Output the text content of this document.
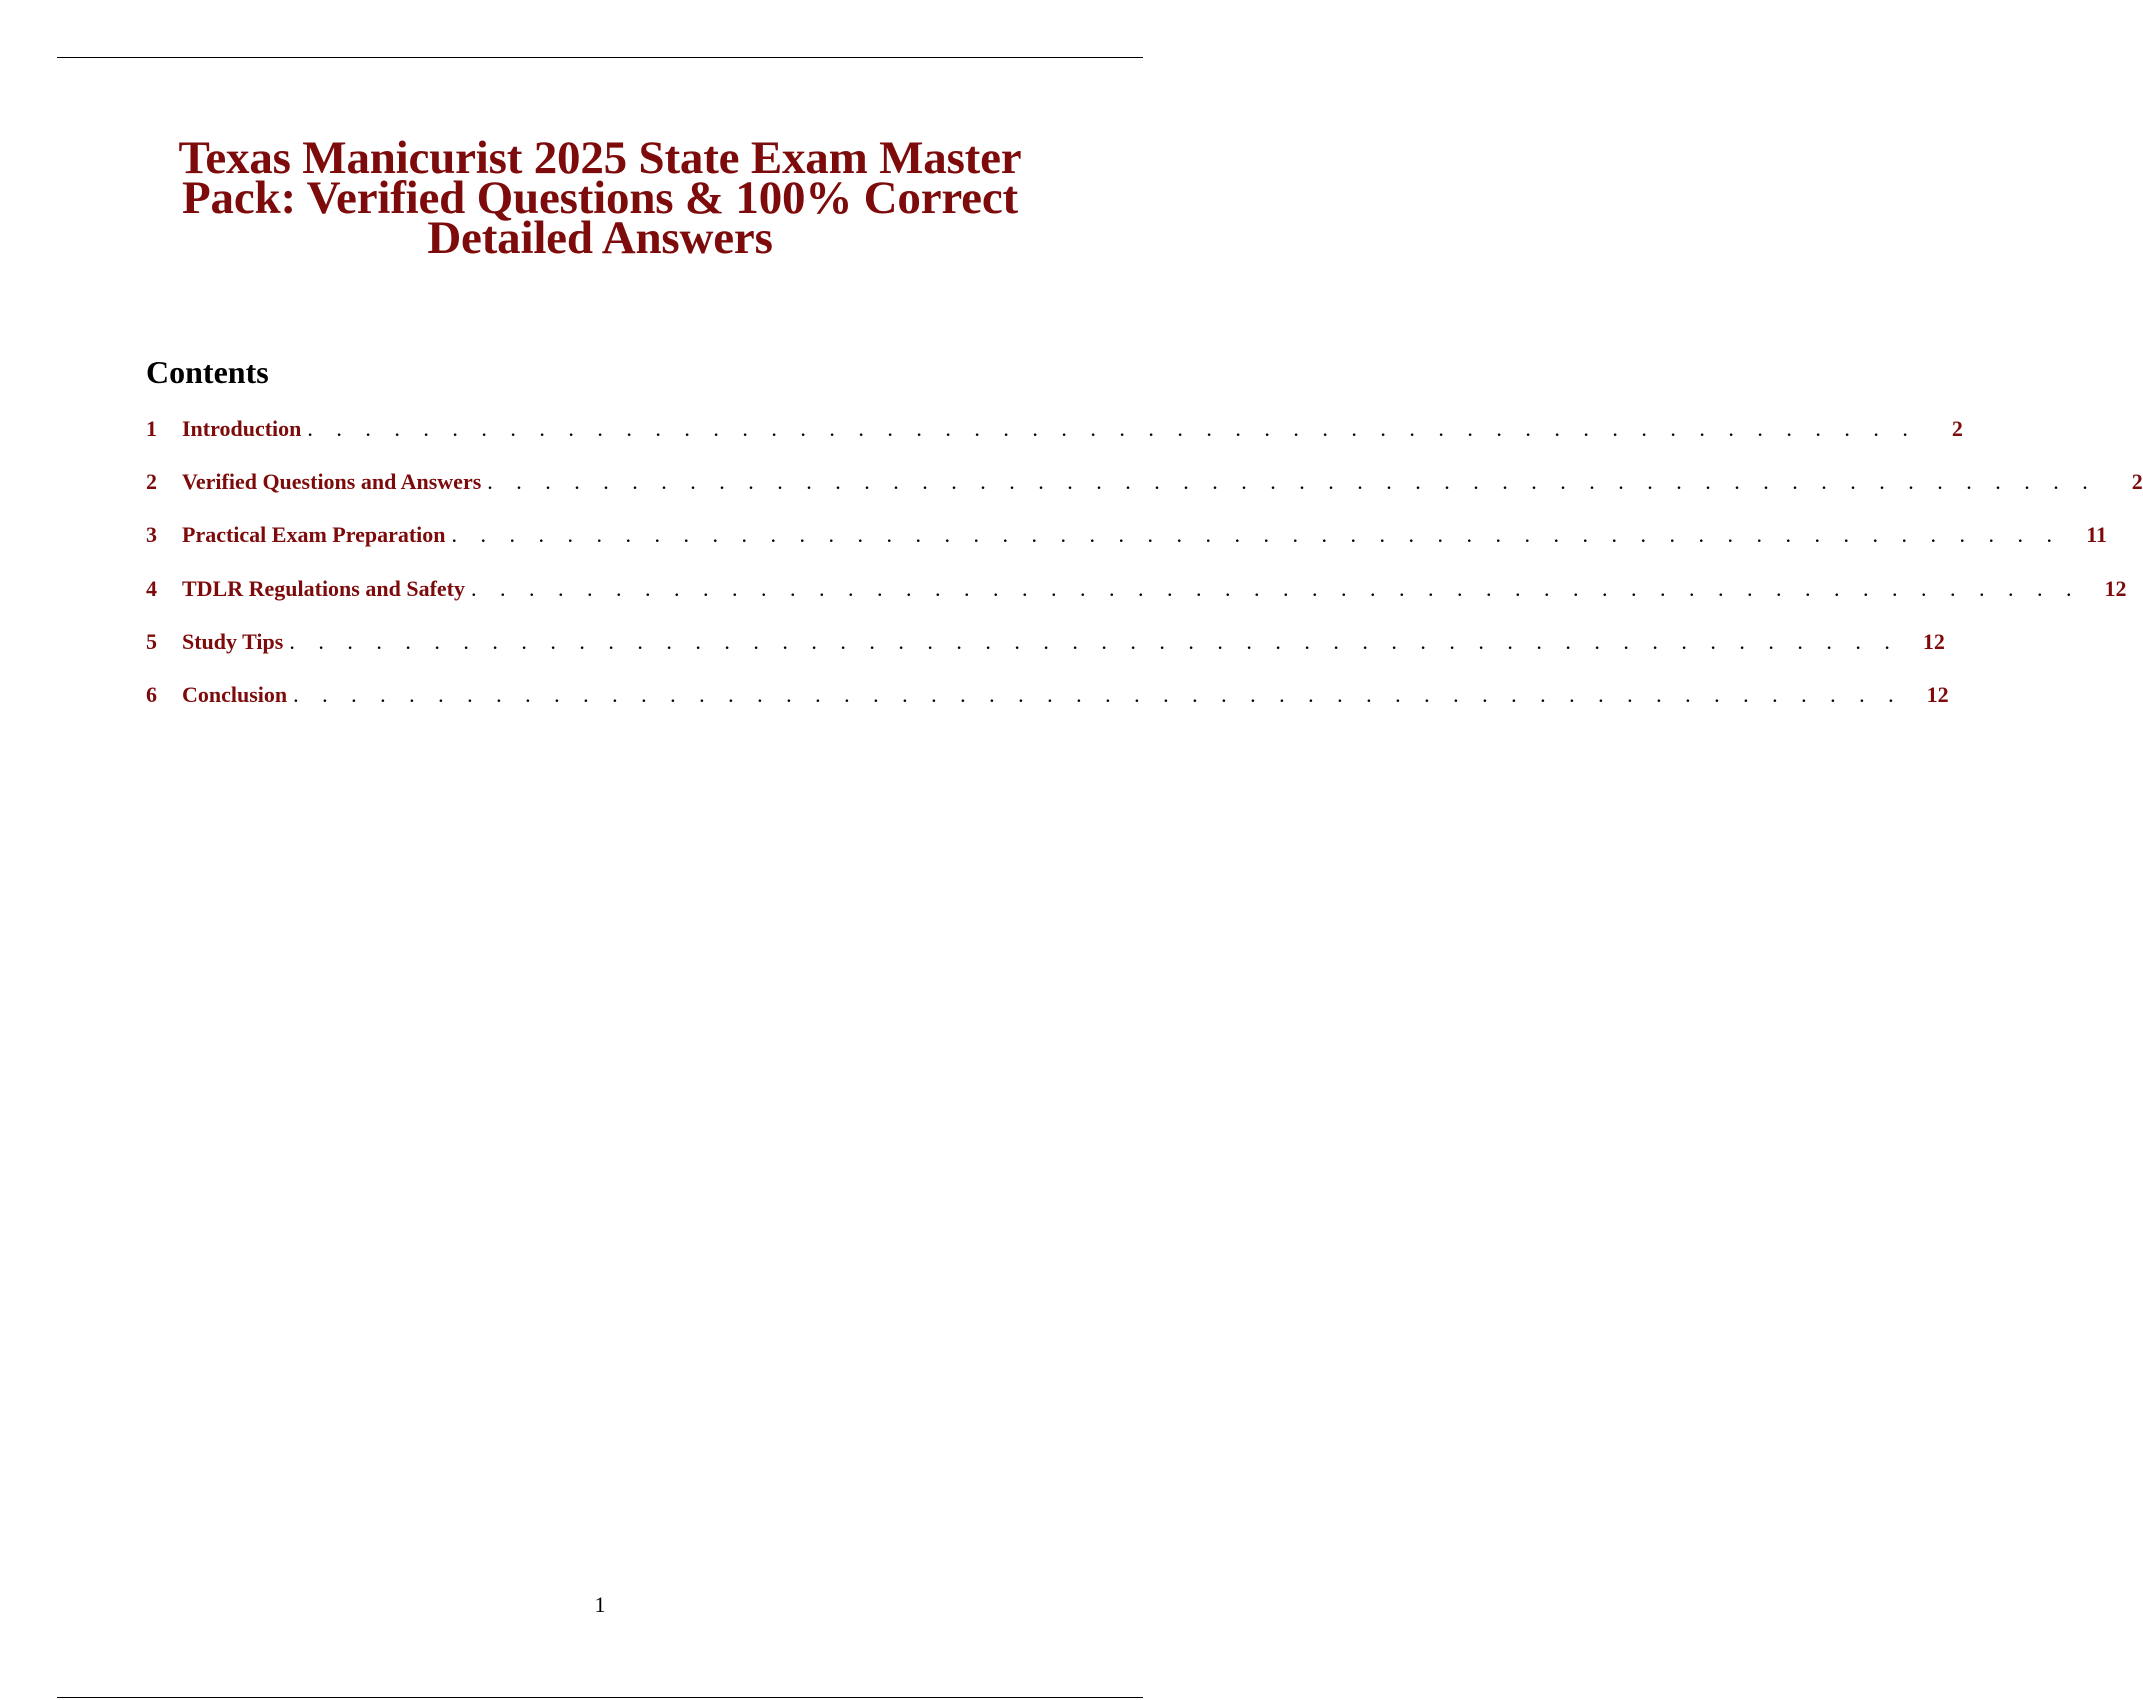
Texas Manicurist 2025 State Exam Master Pack: Verified Questions & 100% Correct Detailed Answers
Contents
1	Introduction . . . . . . . . . . . . . . . . . . . . . . . . . . . . . . . . . . . . . . . . . . . . . . . . . . . . . . . .	2
2	Verified Questions and Answers . . . . . . . . . . . . . . . . . . . . . . . . . . . . . . . . . . . . . . . . . . . . . . . . . . . . . . . .	2
3	Practical Exam Preparation . . . . . . . . . . . . . . . . . . . . . . . . . . . . . . . . . . . . . . . . . . . . . . . . . . . . . . . .	11
4	TDLR Regulations and Safety . . . . . . . . . . . . . . . . . . . . . . . . . . . . . . . . . . . . . . . . . . . . . . . . . . . . . . . .	12
5	Study Tips . . . . . . . . . . . . . . . . . . . . . . . . . . . . . . . . . . . . . . . . . . . . . . . . . . . . . . . .	12
6	Conclusion . . . . . . . . . . . . . . . . . . . . . . . . . . . . . . . . . . . . . . . . . . . . . . . . . . . . . . . .	12
1
